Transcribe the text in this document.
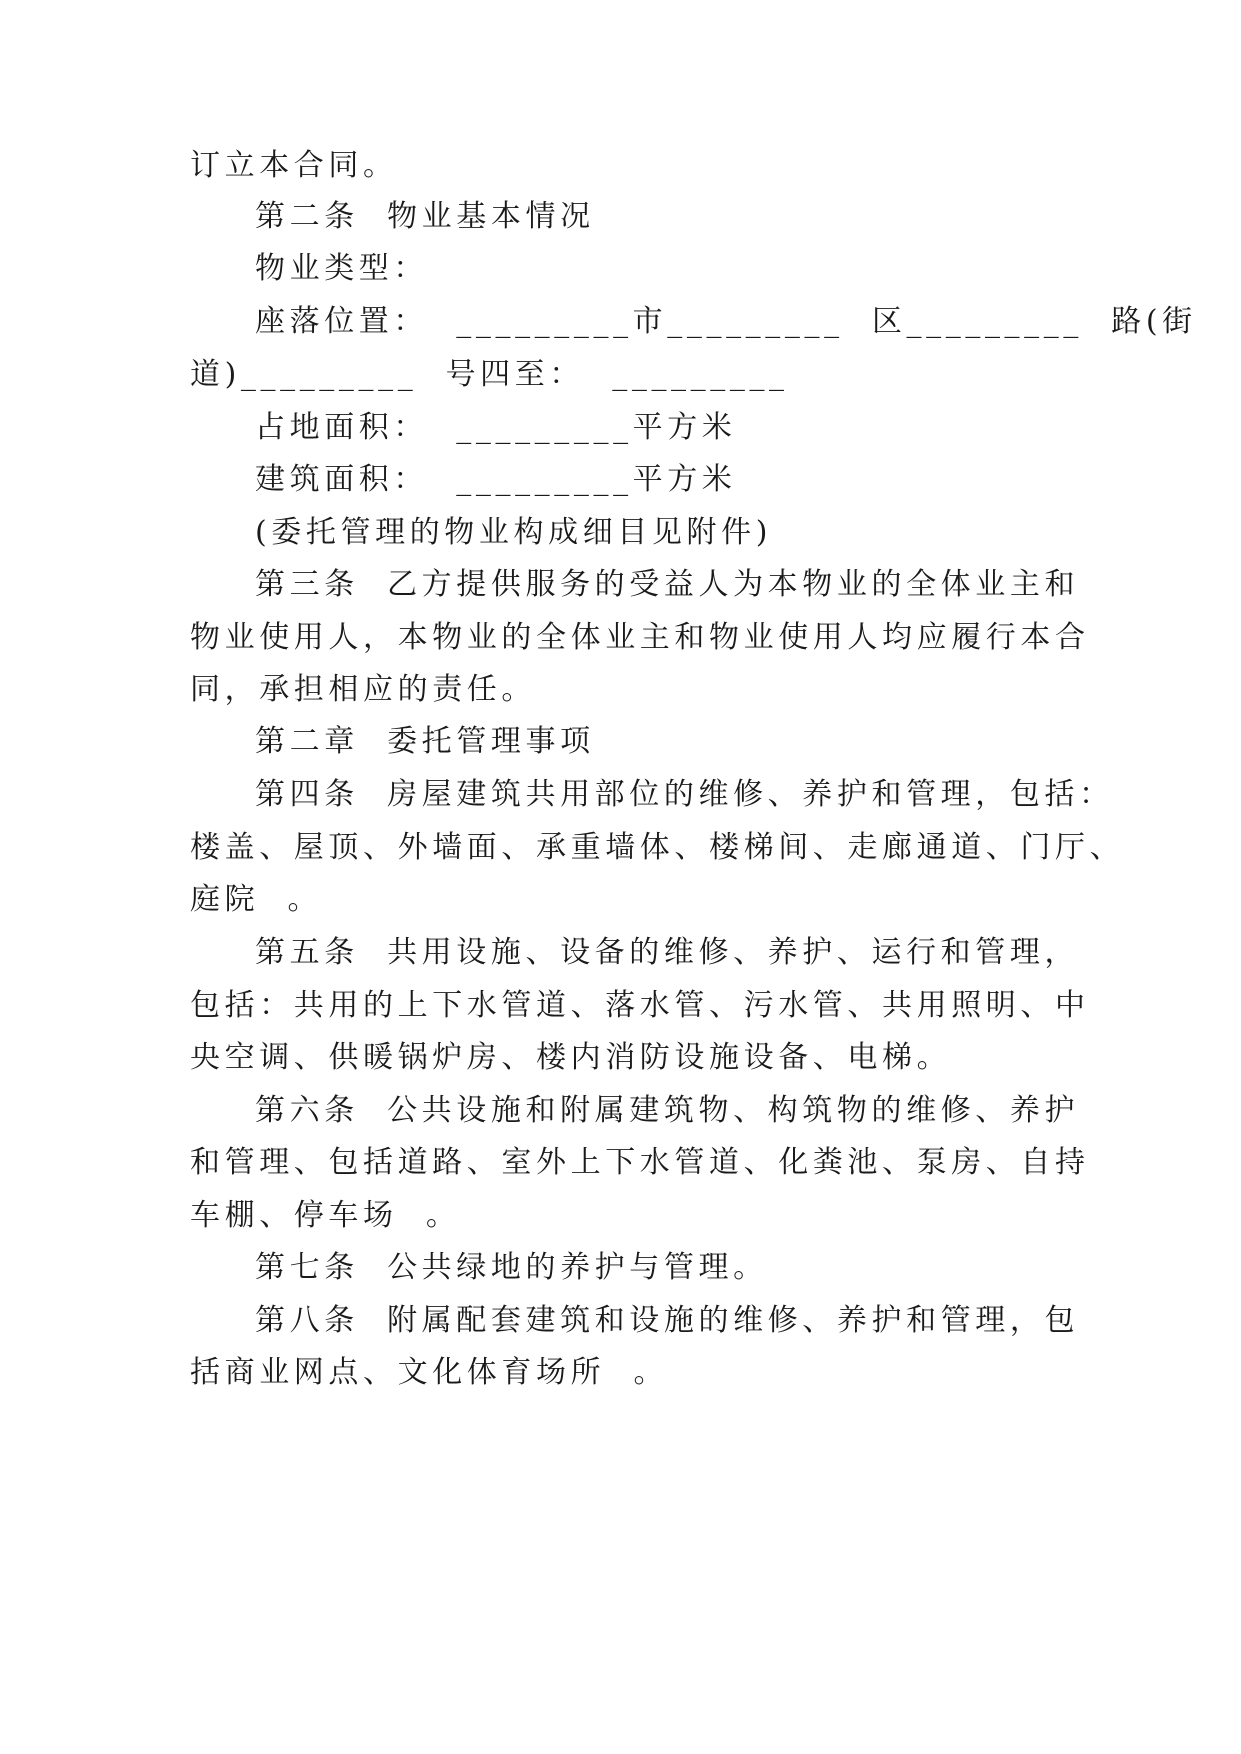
订立本合同。
第二条  物业基本情况
物业类型：
座落位置：  _________市_________  区_________  路(街
道)_________  号四至：  _________
占地面积：  _________平方米
建筑面积：  _________平方米
(委托管理的物业构成细目见附件)
第三条  乙方提供服务的受益人为本物业的全体业主和
物业使用人，本物业的全体业主和物业使用人均应履行本合
同，承担相应的责任。
第二章  委托管理事项
第四条  房屋建筑共用部位的维修、养护和管理，包括：
楼盖、屋顶、外墙面、承重墙体、楼梯间、走廊通道、门厅、
庭院  。
第五条  共用设施、设备的维修、养护、运行和管理，
包括：共用的上下水管道、落水管、污水管、共用照明、中
央空调、供暖锅炉房、楼内消防设施设备、电梯。
第六条  公共设施和附属建筑物、构筑物的维修、养护
和管理、包括道路、室外上下水管道、化粪池、泵房、自持
车棚、停车场  。
第七条  公共绿地的养护与管理。
第八条  附属配套建筑和设施的维修、养护和管理，包
括商业网点、文化体育场所  。
